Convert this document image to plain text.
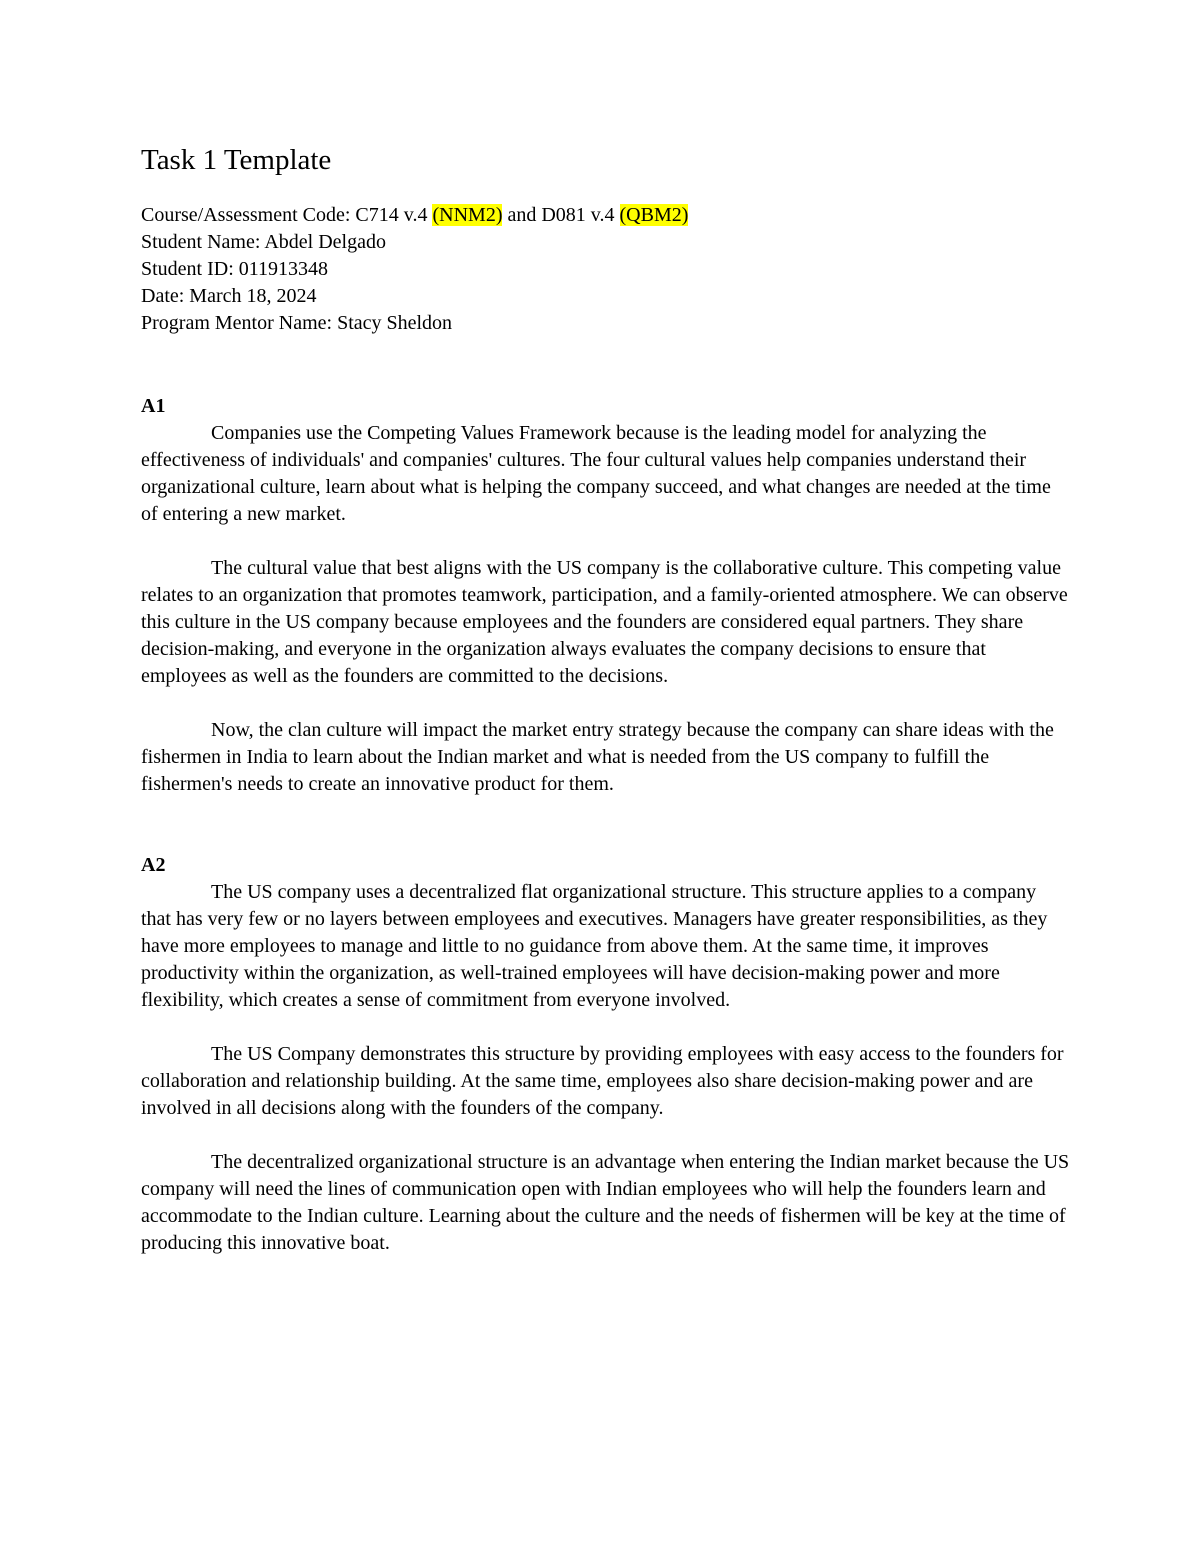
Task 1 Template

Course/Assessment Code: C714 v.4 (NNM2) and D081 v.4 (QBM2)

Student Name: Abdel Delgado

Student ID: 011913348

Date: March 18, 2024

Program Mentor Name: Stacy Sheldon

A1

Companies use the Competing Values Framework because is the leading model for analyzing the effectiveness of individuals' and companies' cultures. The four cultural values help companies understand their organizational culture, learn about what is helping the company succeed, and what changes are needed at the time of entering a new market.

The cultural value that best aligns with the US company is the collaborative culture. This competing value relates to an organization that promotes teamwork, participation, and a family-oriented atmosphere. We can observe this culture in the US company because employees and the founders are considered equal partners. They share decision-making, and everyone in the organization always evaluates the company decisions to ensure that employees as well as the founders are committed to the decisions.

Now, the clan culture will impact the market entry strategy because the company can share ideas with the fishermen in India to learn about the Indian market and what is needed from the US company to fulfill the fishermen's needs to create an innovative product for them.

A2

The US company uses a decentralized flat organizational structure. This structure applies to a company that has very few or no layers between employees and executives. Managers have greater responsibilities, as they have more employees to manage and little to no guidance from above them. At the same time, it improves productivity within the organization, as well-trained employees will have decision-making power and more flexibility, which creates a sense of commitment from everyone involved.

The US Company demonstrates this structure by providing employees with easy access to the founders for collaboration and relationship building. At the same time, employees also share decision-making power and are involved in all decisions along with the founders of the company.

The decentralized organizational structure is an advantage when entering the Indian market because the US company will need the lines of communication open with Indian employees who will help the founders learn and accommodate to the Indian culture. Learning about the culture and the needs of fishermen will be key at the time of producing this innovative boat.
